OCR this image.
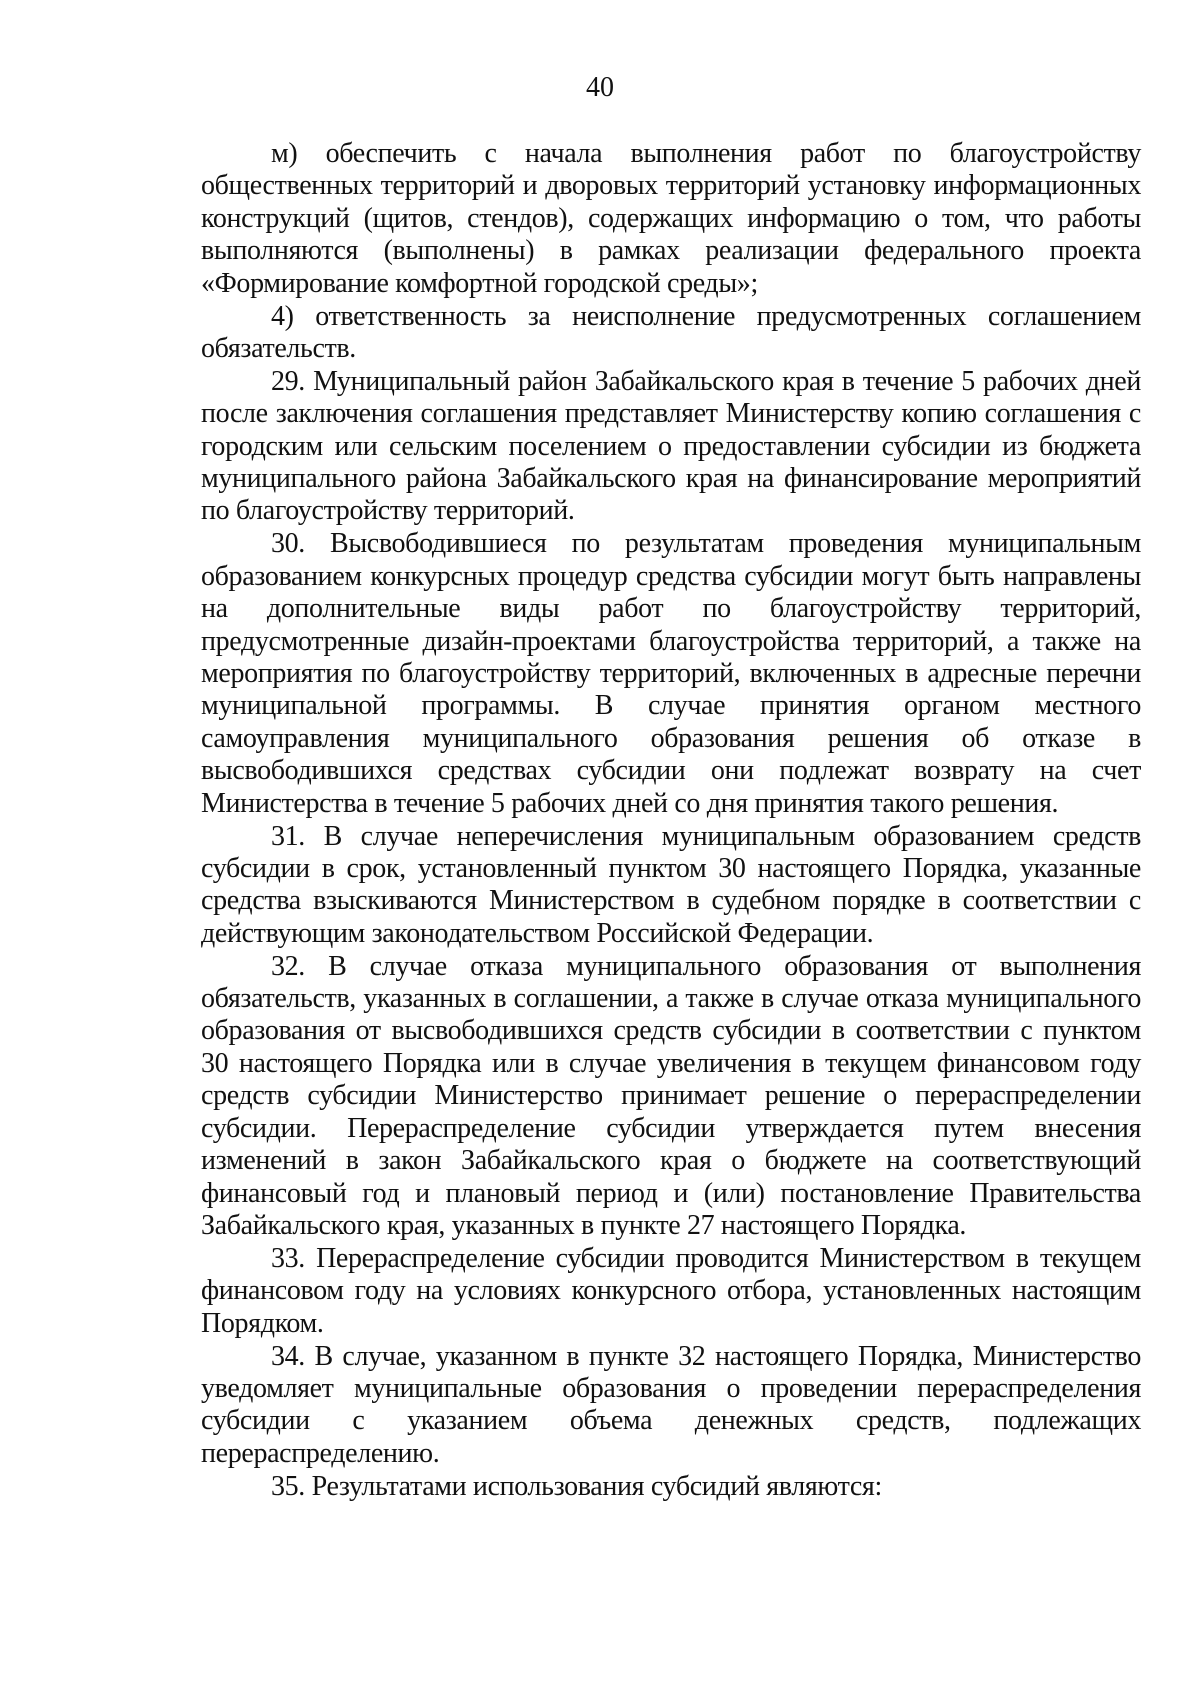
40

м) обеспечить с начала выполнения работ по благоустройству общественных территорий и дворовых территорий установку информационных конструкций (щитов, стендов), содержащих информацию о том, что работы выполняются (выполнены) в рамках реализации федерального проекта «Формирование комфортной городской среды»;

4) ответственность за неисполнение предусмотренных соглашением обязательств.

29. Муниципальный район Забайкальского края в течение 5 рабочих дней после заключения соглашения представляет Министерству копию соглашения с городским или сельским поселением о предоставлении субсидии из бюджета муниципального района Забайкальского края на финансирование мероприятий по благоустройству территорий.

30. Высвободившиеся по результатам проведения муниципальным образованием конкурсных процедур средства субсидии могут быть направлены на дополнительные виды работ по благоустройству территорий, предусмотренные дизайн-проектами благоустройства территорий, а также на мероприятия по благоустройству территорий, включенных в адресные перечни муниципальной программы. В случае принятия органом местного самоуправления муниципального образования решения об отказе в высвободившихся средствах субсидии они подлежат возврату на счет Министерства в течение 5 рабочих дней со дня принятия такого решения.

31. В случае неперечисления муниципальным образованием средств субсидии в срок, установленный пунктом 30 настоящего Порядка, указанные средства взыскиваются Министерством в судебном порядке в соответствии с действующим законодательством Российской Федерации.

32. В случае отказа муниципального образования от выполнения обязательств, указанных в соглашении, а также в случае отказа муниципального образования от высвободившихся средств субсидии в соответствии с пунктом 30 настоящего Порядка или в случае увеличения в текущем финансовом году средств субсидии Министерство принимает решение о перераспределении субсидии. Перераспределение субсидии утверждается путем внесения изменений в закон Забайкальского края о бюджете на соответствующий финансовый год и плановый период и (или) постановление Правительства Забайкальского края, указанных в пункте 27 настоящего Порядка.

33. Перераспределение субсидии проводится Министерством в текущем финансовом году на условиях конкурсного отбора, установленных настоящим Порядком.

34. В случае, указанном в пункте 32 настоящего Порядка, Министерство уведомляет муниципальные образования о проведении перераспределения субсидии с указанием объема денежных средств, подлежащих перераспределению.

35. Результатами использования субсидий являются:
